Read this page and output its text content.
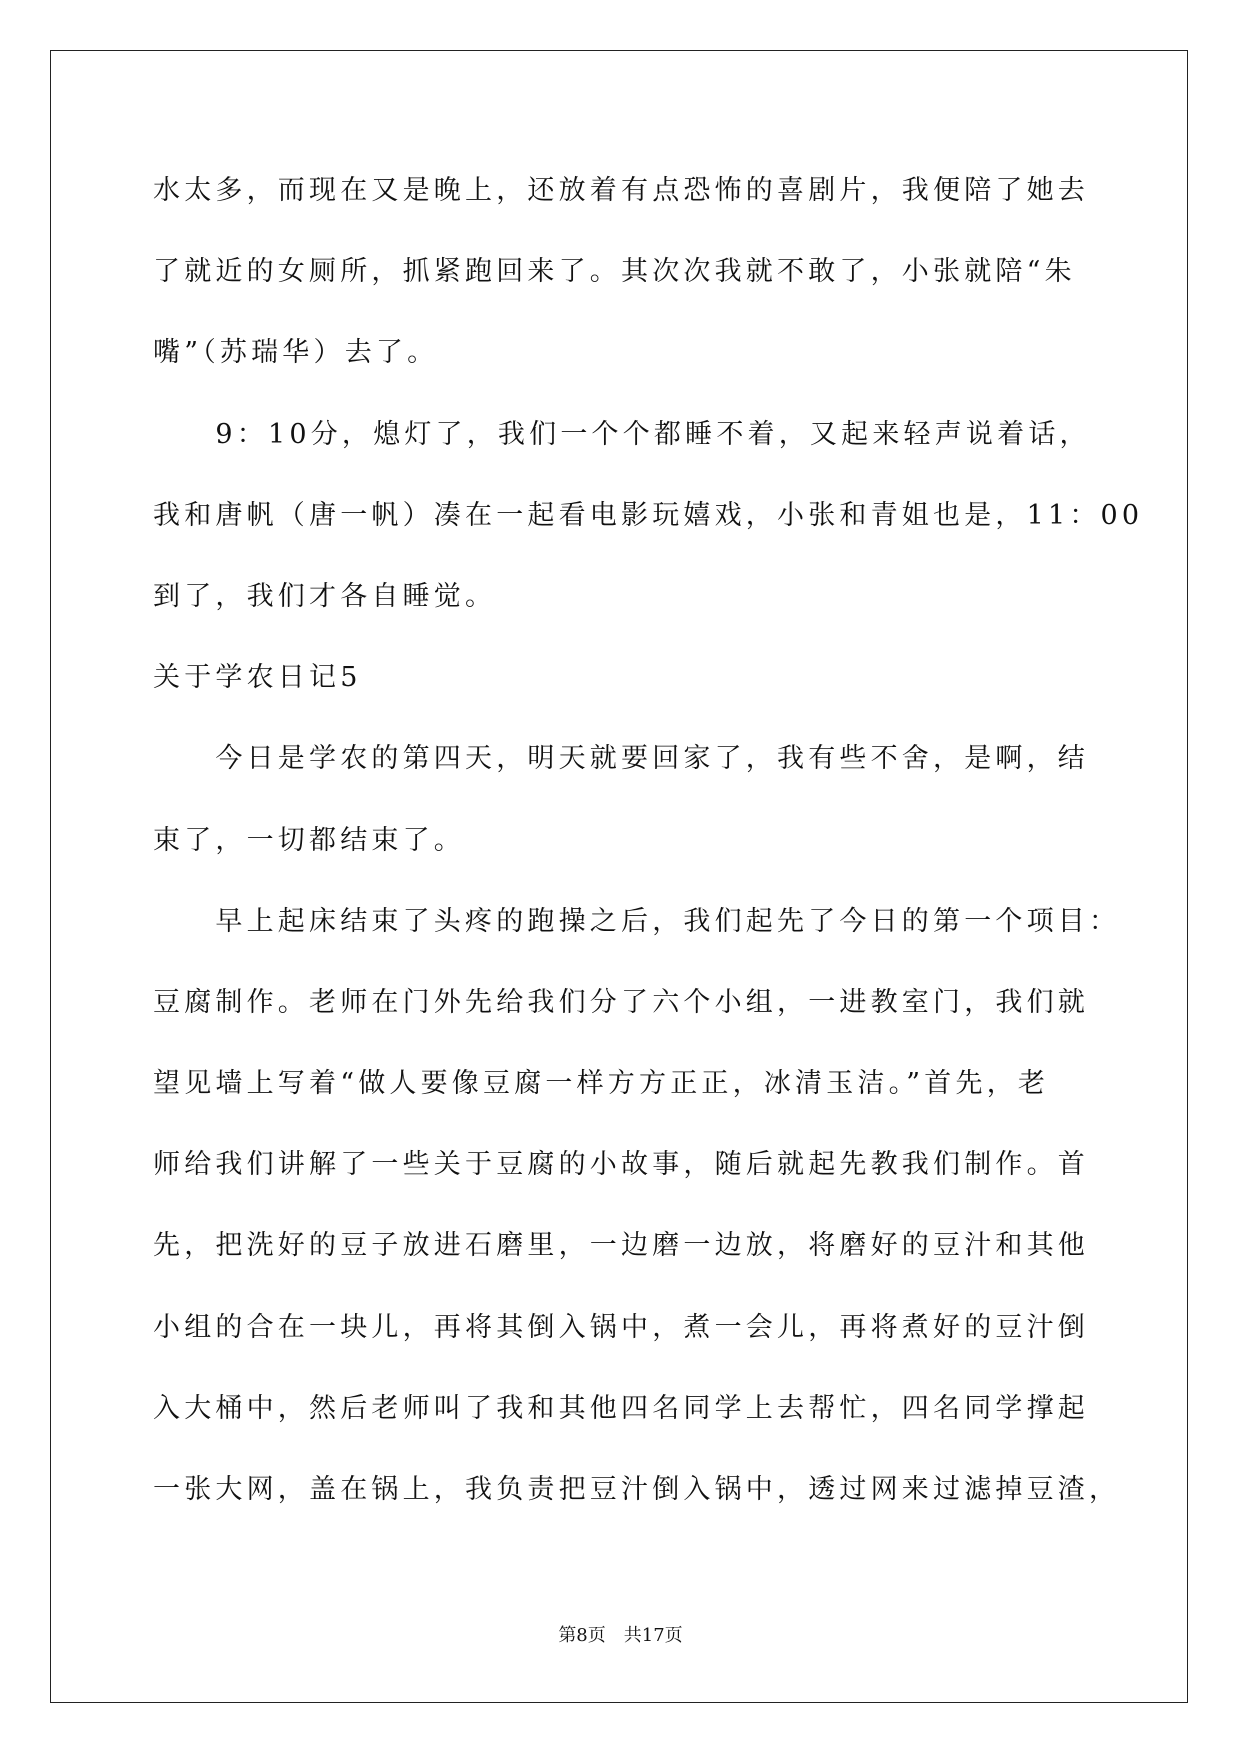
水太多，而现在又是晚上，还放着有点恐怖的喜剧片，我便陪了她去
了就近的女厕所，抓紧跑回来了。其次次我就不敢了，小张就陪“朱
嘴”（苏瑞华）去了。
9：10分，熄灯了，我们一个个都睡不着，又起来轻声说着话，
我和唐帆（唐一帆）凑在一起看电影玩嬉戏，小张和青姐也是，11：00
到了，我们才各自睡觉。
关于学农日记5
今日是学农的第四天，明天就要回家了，我有些不舍，是啊，结
束了，一切都结束了。
早上起床结束了头疼的跑操之后，我们起先了今日的第一个项目：
豆腐制作。老师在门外先给我们分了六个小组，一进教室门，我们就
望见墙上写着“做人要像豆腐一样方方正正，冰清玉洁。”首先，老
师给我们讲解了一些关于豆腐的小故事，随后就起先教我们制作。首
先，把洗好的豆子放进石磨里，一边磨一边放，将磨好的豆汁和其他
小组的合在一块儿，再将其倒入锅中，煮一会儿，再将煮好的豆汁倒
入大桶中，然后老师叫了我和其他四名同学上去帮忙，四名同学撑起
一张大网，盖在锅上，我负责把豆汁倒入锅中，透过网来过滤掉豆渣，
第8页 共17页
